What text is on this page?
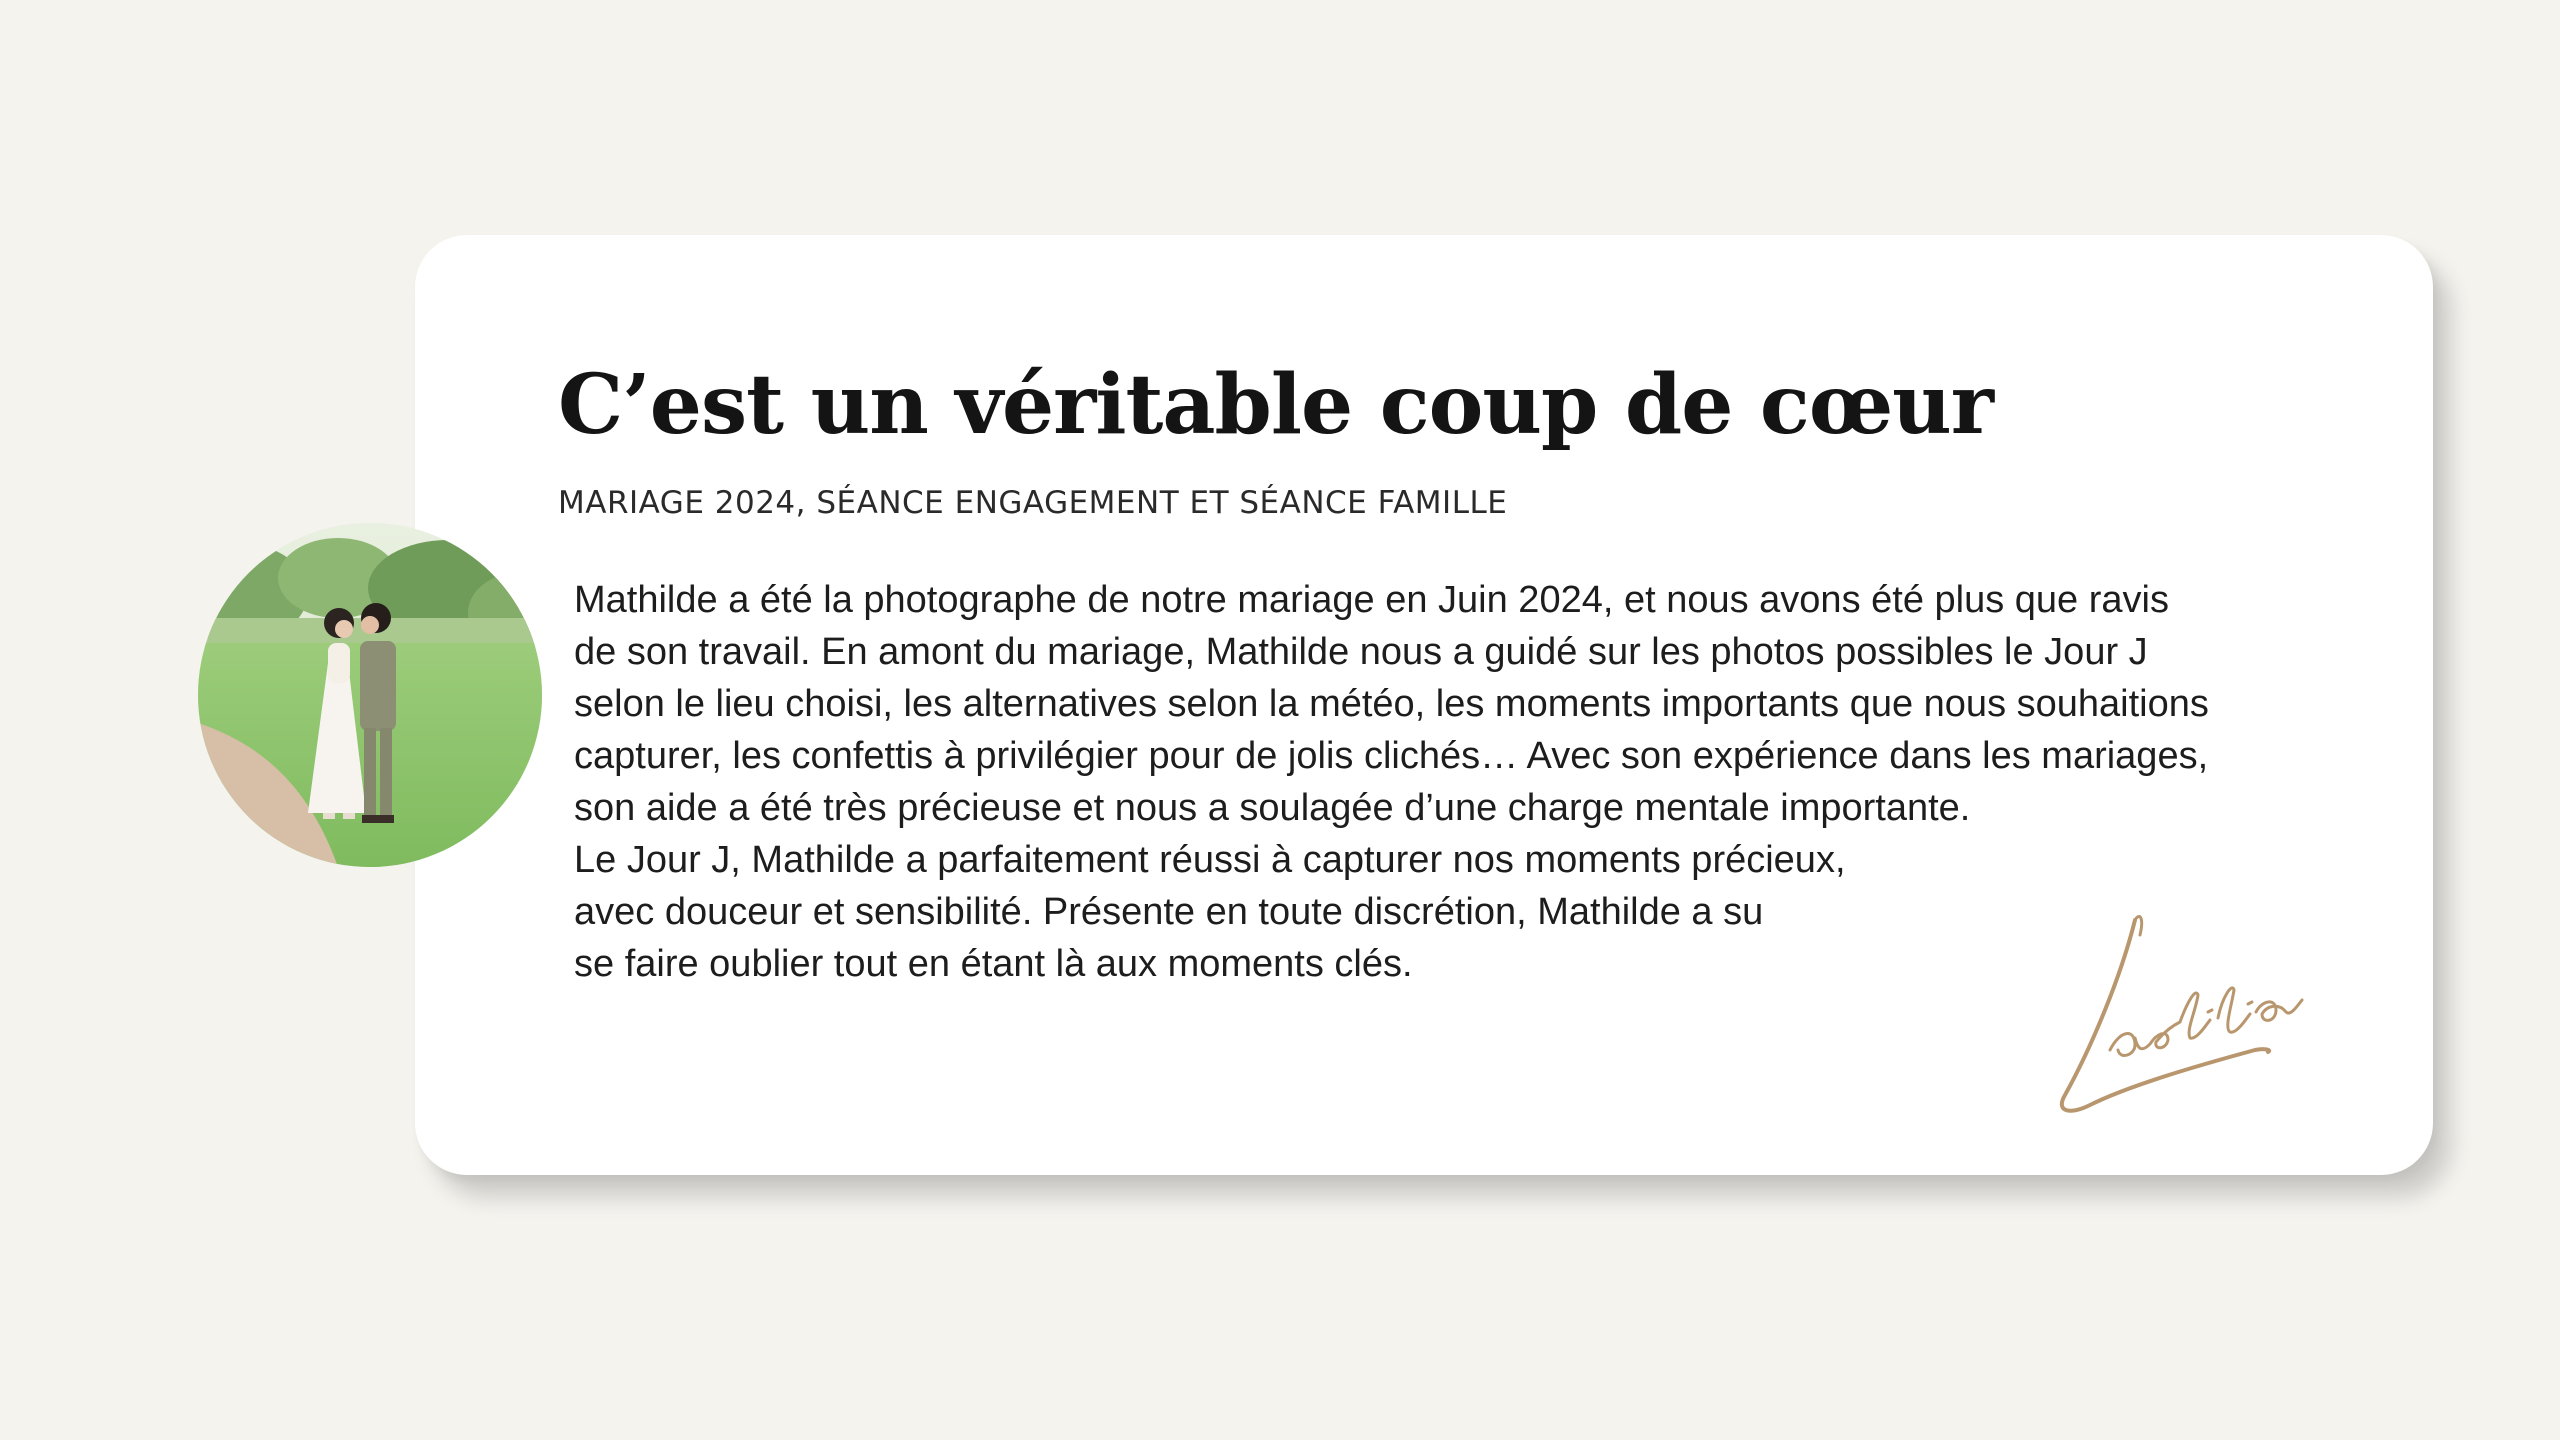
C’est un véritable coup de cœur

MARIAGE 2024, SÉANCE ENGAGEMENT ET SÉANCE FAMILLE

Mathilde a été la photographe de notre mariage en Juin 2024, et nous avons été plus que ravis
de son travail. En amont du mariage, Mathilde nous a guidé sur les photos possibles le Jour J
selon le lieu choisi, les alternatives selon la météo, les moments importants que nous souhaitions
capturer, les confettis à privilégier pour de jolis clichés… Avec son expérience dans les mariages,
son aide a été très précieuse et nous a soulagée d’une charge mentale importante.
Le Jour J, Mathilde a parfaitement réussi à capturer nos moments précieux,
avec douceur et sensibilité. Présente en toute discrétion, Mathilde a su
se faire oublier tout en étant là aux moments clés.
